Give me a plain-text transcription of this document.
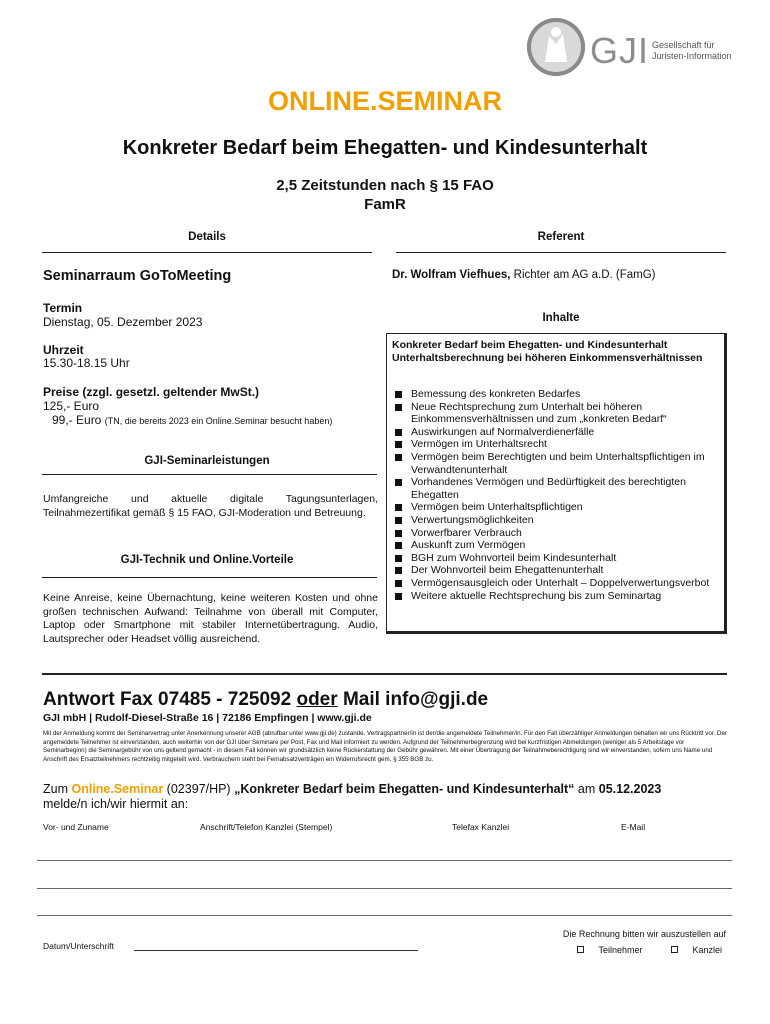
GJI Gesellschaft für
Juristen-Information
ONLINE.SEMINAR
Konkreter Bedarf beim Ehegatten- und Kindesunterhalt
2,5 Zeitstunden nach § 15 FAO
FamR
Details	Referent
Seminarraum GoToMeeting
Termin
Dienstag, 05. Dezember 2023
Uhrzeit
15.30-18.15 Uhr
Preise (zzgl. gesetzl. geltender MwSt.)
125,- Euro
99,- Euro (TN, die bereits 2023 ein Online.Seminar besucht haben)
GJI-Seminarleistungen
Umfangreiche und aktuelle digitale Tagungsunterlagen, Teilnahmezertifikat gemäß § 15 FAO, GJI-Moderation und Betreuung.
GJI-Technik und Online.Vorteile
Keine Anreise, keine Übernachtung, keine weiteren Kosten und ohne großen technischen Aufwand: Teilnahme von überall mit Computer, Laptop oder Smartphone mit stabiler Internetübertragung. Audio, Lautsprecher oder Headset völlig ausreichend.
Dr. Wolfram Viefhues, Richter am AG a.D. (FamG)
Inhalte
Konkreter Bedarf beim Ehegatten- und Kindesunterhalt Unterhaltsberechnung bei höheren Einkommensverhältnissen
Bemessung des konkreten Bedarfes
Neue Rechtsprechung zum Unterhalt bei höheren Einkommensverhältnissen und zum „konkreten Bedarf“
Auswirkungen auf Normalverdienerfälle
Vermögen im Unterhaltsrecht
Vermögen beim Berechtigten und beim Unterhaltspflichtigen im Verwandtenunterhalt
Vorhandenes Vermögen und Bedürftigkeit des berechtigten Ehegatten
Vermögen beim Unterhaltspflichtigen
Verwertungsmöglichkeiten
Vorwerfbarer Verbrauch
Auskunft zum Vermögen
BGH zum Wohnvorteil beim Kindesunterhalt
Der Wohnvorteil beim Ehegattenunterhalt
Vermögensausgleich oder Unterhalt – Doppelverwertungsverbot
Weitere aktuelle Rechtsprechung bis zum Seminartag
Antwort Fax 07485 - 725092 oder Mail info@gji.de
GJI mbH | Rudolf-Diesel-Straße 16 | 72186 Empfingen | www.gji.de
Mit der Anmeldung kommt der Seminarvertrag unter Anerkennung unserer AGB (abrufbar unter www.gji.de) zustande. Vertragspartner/in ist der/die angemeldete Teilnehmer/in. Für den Fall überzähliger Anmeldungen behalten wir uns Rücktritt vor. Der angemeldete Teilnehmer ist einverstanden, auch weiterhin von der GJI über Seminare per Post, Fax und Mail informiert zu werden. Aufgrund der Teilnehmerbegrenzung wird bei kurzfristigen Abmeldungen (weniger als 5 Arbeitstage vor Seminarbeginn) die Seminargebühr von uns geltend gemacht - in diesem Fall können wir grundsätzlich keine Rückerstattung der Gebühr gewähren. Mit einer Übertragung der Teilnahmeberechtigung sind wir einverstanden, sofern uns Name und Anschrift des Ersatzteilnehmers rechtzeitig mitgeteilt wird. Verbrauchern steht bei Fernabsatzverträgen ein Widerrufsrecht gem. § 355 BGB zu.
Zum Online.Seminar (02397/HP) „Konkreter Bedarf beim Ehegatten- und Kindesunterhalt“ am 05.12.2023
melde/n ich/wir hiermit an:
Vor- und Zuname	Anschrift/Telefon Kanzlei (Stempel)	Telefax Kanzlei	E-Mail
Datum/Unterschrift
Die Rechnung bitten wir auszustellen auf
Teilnehmer	Kanzlei
